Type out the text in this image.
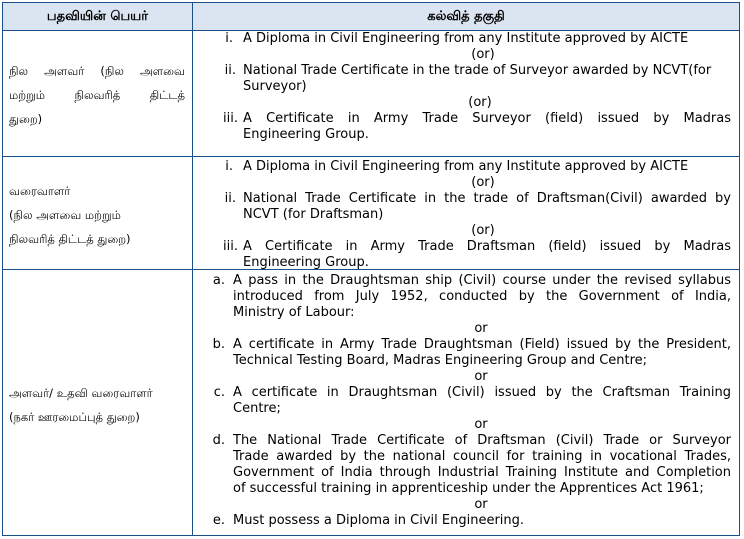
பதவியின் பெயர்	கல்வித் தகுதி
நில அளவர் (நில அளவை
மற்றும் நிலவரித் திட்டத்
துறை)
i. A Diploma in Civil Engineering from any Institute approved by AICTE
(or)
ii. National Trade Certificate in the trade of Surveyor awarded by NCVT(for
Surveyor)
(or)
iii. A Certificate in Army Trade Surveyor (field) issued by Madras
Engineering Group.
வரைவாளர்
(நில அளவை மற்றும்
நிலவரித் திட்டத் துறை)
i. A Diploma in Civil Engineering from any Institute approved by AICTE
(or)
ii. National Trade Certificate in the trade of Draftsman(Civil) awarded by
NCVT (for Draftsman)
(or)
iii. A Certificate in Army Trade Draftsman (field) issued by Madras
Engineering Group.
அளவர்/ உதவி வரைவாளர்
(நகர் ஊரமைப்புத் துறை)
a. A pass in the Draughtsman ship (Civil) course under the revised syllabus
introduced from July 1952, conducted by the Government of India,
Ministry of Labour:
or
b. A certificate in Army Trade Draughtsman (Field) issued by the President,
Technical Testing Board, Madras Engineering Group and Centre;
or
c. A certificate in Draughtsman (Civil) issued by the Craftsman Training
Centre;
or
d. The National Trade Certificate of Draftsman (Civil) Trade or Surveyor
Trade awarded by the national council for training in vocational Trades,
Government of India through Industrial Training Institute and Completion
of successful training in apprenticeship under the Apprentices Act 1961;
or
e. Must possess a Diploma in Civil Engineering.
